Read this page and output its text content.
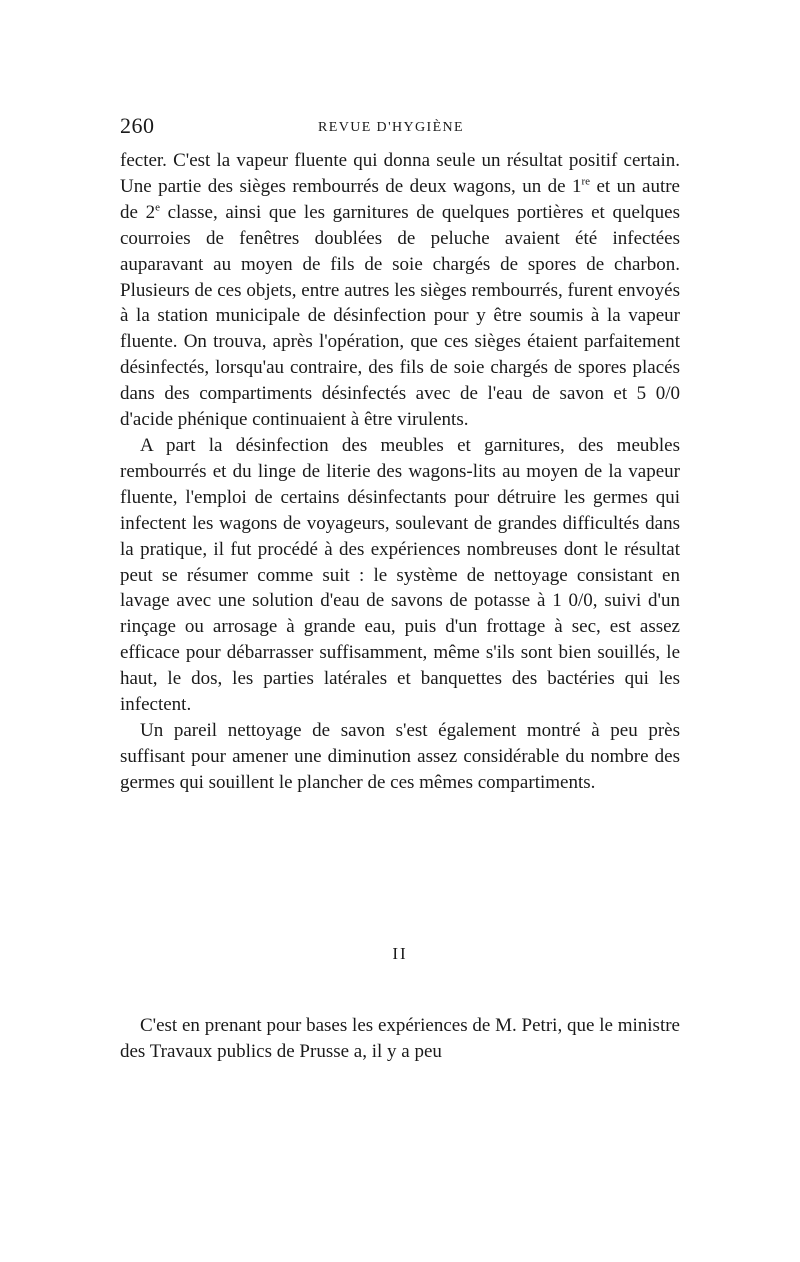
260	REVUE D'HYGIÈNE

fecter. C'est la vapeur fluente qui donna seule un résultat positif certain. Une partie des sièges rembourrés de deux wagons, un de 1re et un autre de 2e classe, ainsi que les garnitures de quelques portières et quelques courroies de fenêtres doublées de peluche avaient été infectées auparavant au moyen de fils de soie chargés de spores de charbon. Plusieurs de ces objets, entre autres les sièges rembourrés, furent envoyés à la station municipale de désinfection pour y être soumis à la vapeur fluente. On trouva, après l'opération, que ces sièges étaient parfaitement désinfectés, lorsqu'au contraire, des fils de soie chargés de spores placés dans des compartiments désinfectés avec de l'eau de savon et 5 0/0 d'acide phénique continuaient à être virulents.

A part la désinfection des meubles et garnitures, des meubles rembourrés et du linge de literie des wagons-lits au moyen de la vapeur fluente, l'emploi de certains désinfectants pour détruire les germes qui infectent les wagons de voyageurs, soulevant de grandes difficultés dans la pratique, il fut procédé à des expériences nombreuses dont le résultat peut se résumer comme suit : le système de nettoyage consistant en lavage avec une solution d'eau de savons de potasse à 1 0/0, suivi d'un rinçage ou arrosage à grande eau, puis d'un frottage à sec, est assez efficace pour débarrasser suffisamment, même s'ils sont bien souillés, le haut, le dos, les parties latérales et banquettes des bactéries qui les infectent.

Un pareil nettoyage de savon s'est également montré à peu près suffisant pour amener une diminution assez considérable du nombre des germes qui souillent le plancher de ces mêmes compartiments.

II

C'est en prenant pour bases les expériences de M. Petri, que le ministre des Travaux publics de Prusse a, il y a peu
